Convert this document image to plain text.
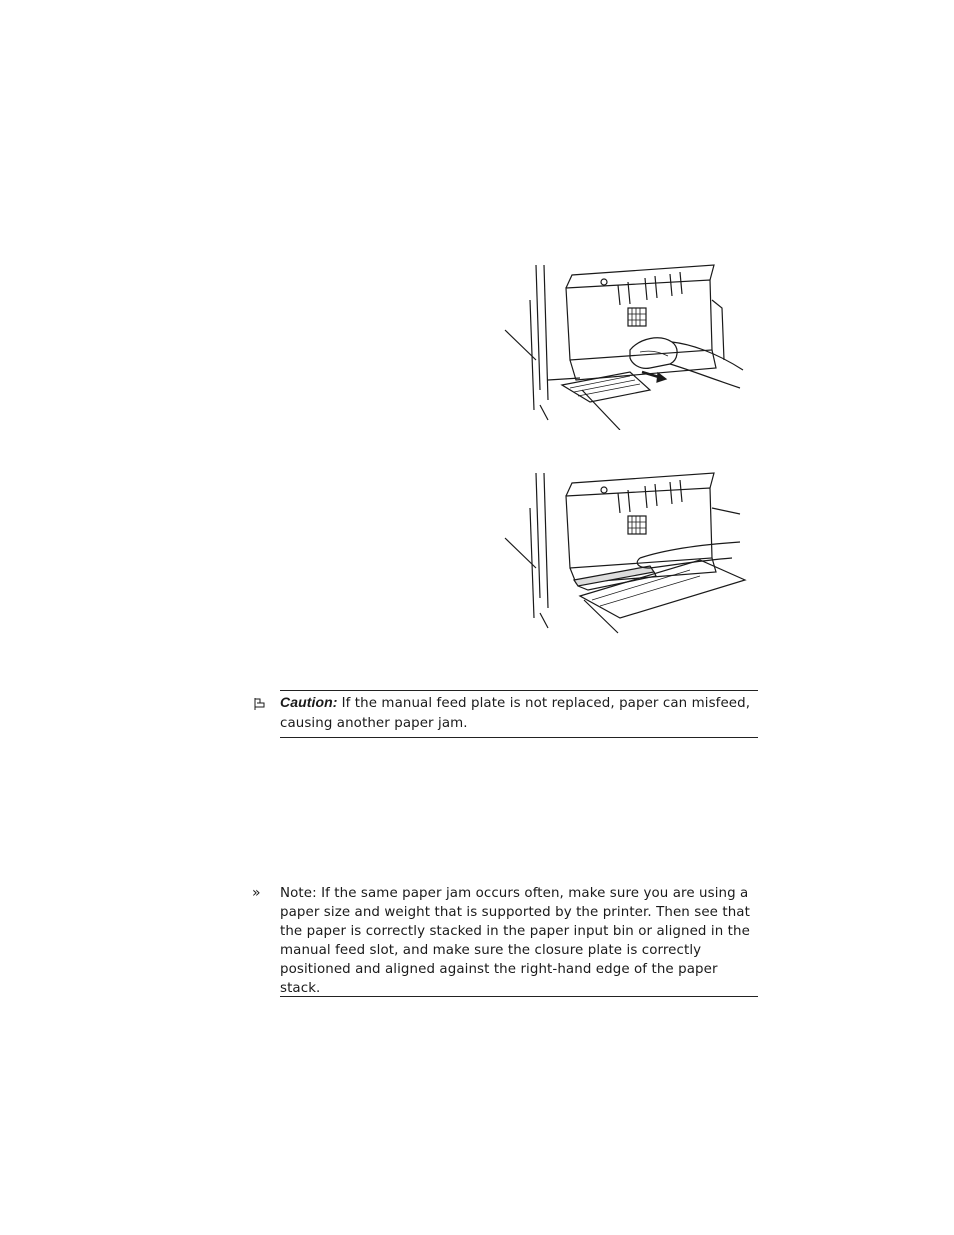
Caution: If the manual feed plate is not replaced, paper can misfeed, causing another paper jam.
» Note: If the same paper jam occurs often, make sure you are using a paper size and weight that is supported by the printer. Then see that the paper is correctly stacked in the paper input bin or aligned in the manual feed slot, and make sure the closure plate is correctly positioned and aligned against the right-hand edge of the paper stack.
